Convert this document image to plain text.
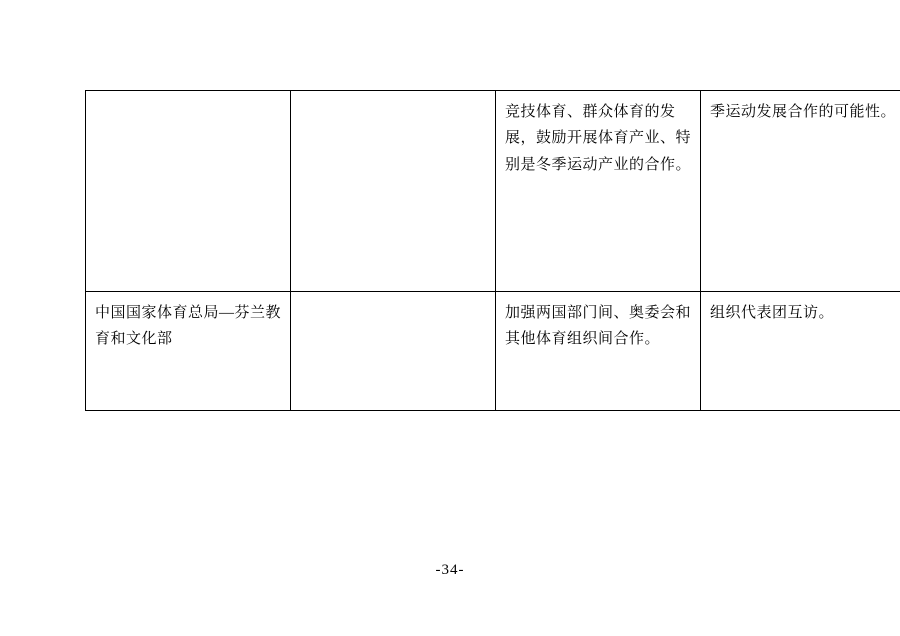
		竞技体育、群众体育的发展，鼓励开展体育产业、特别是冬季运动产业的合作。	季运动发展合作的可能性。

中国国家体育总局—芬兰教育和文化部		加强两国部门间、奥委会和其他体育组织间合作。	组织代表团互访。
-34-
